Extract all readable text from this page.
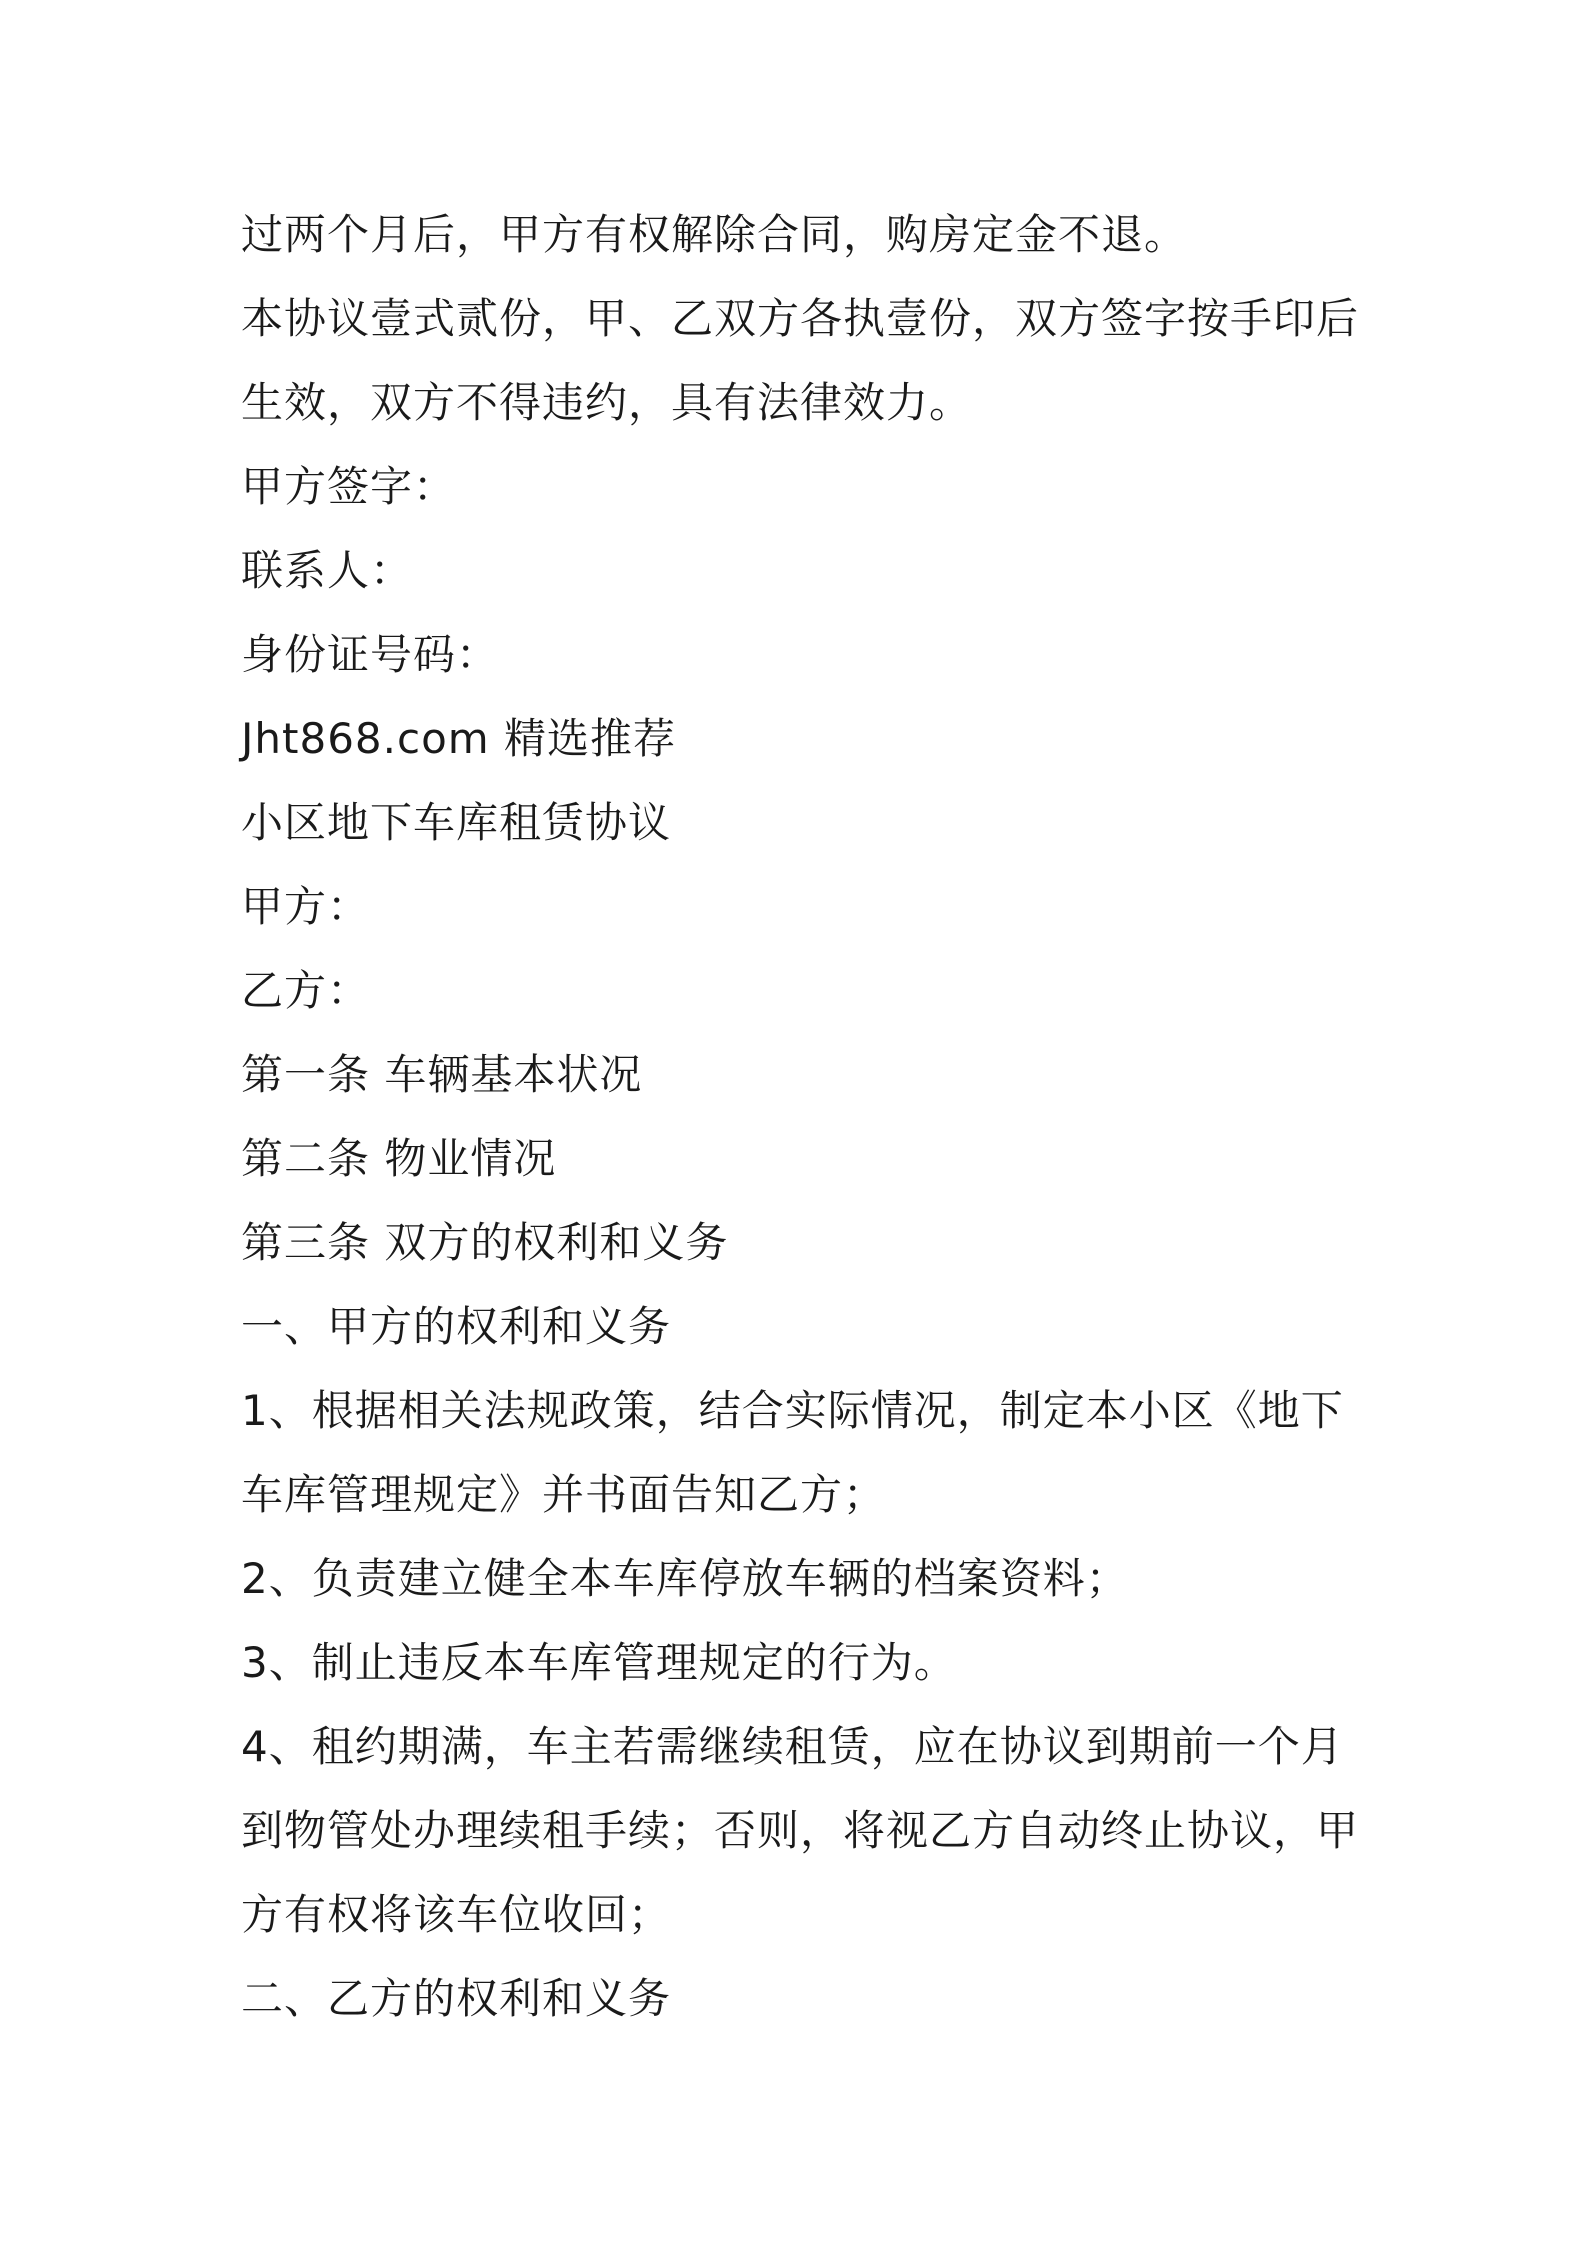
过两个月后，甲方有权解除合同，购房定金不退。

本协议壹式贰份，甲、乙双方各执壹份，双方签字按手印后

生效，双方不得违约，具有法律效力。

甲方签字：

联系人：

身份证号码：

Jht868.com 精选推荐

小区地下车库租赁协议

甲方：

乙方：

第一条 车辆基本状况

第二条 物业情况

第三条 双方的权利和义务

一、甲方的权利和义务

1、根据相关法规政策，结合实际情况，制定本小区《地下

车库管理规定》并书面告知乙方；

2、负责建立健全本车库停放车辆的档案资料；

3、制止违反本车库管理规定的行为。

4、租约期满，车主若需继续租赁，应在协议到期前一个月

到物管处办理续租手续；否则，将视乙方自动终止协议，甲

方有权将该车位收回；

二、乙方的权利和义务
